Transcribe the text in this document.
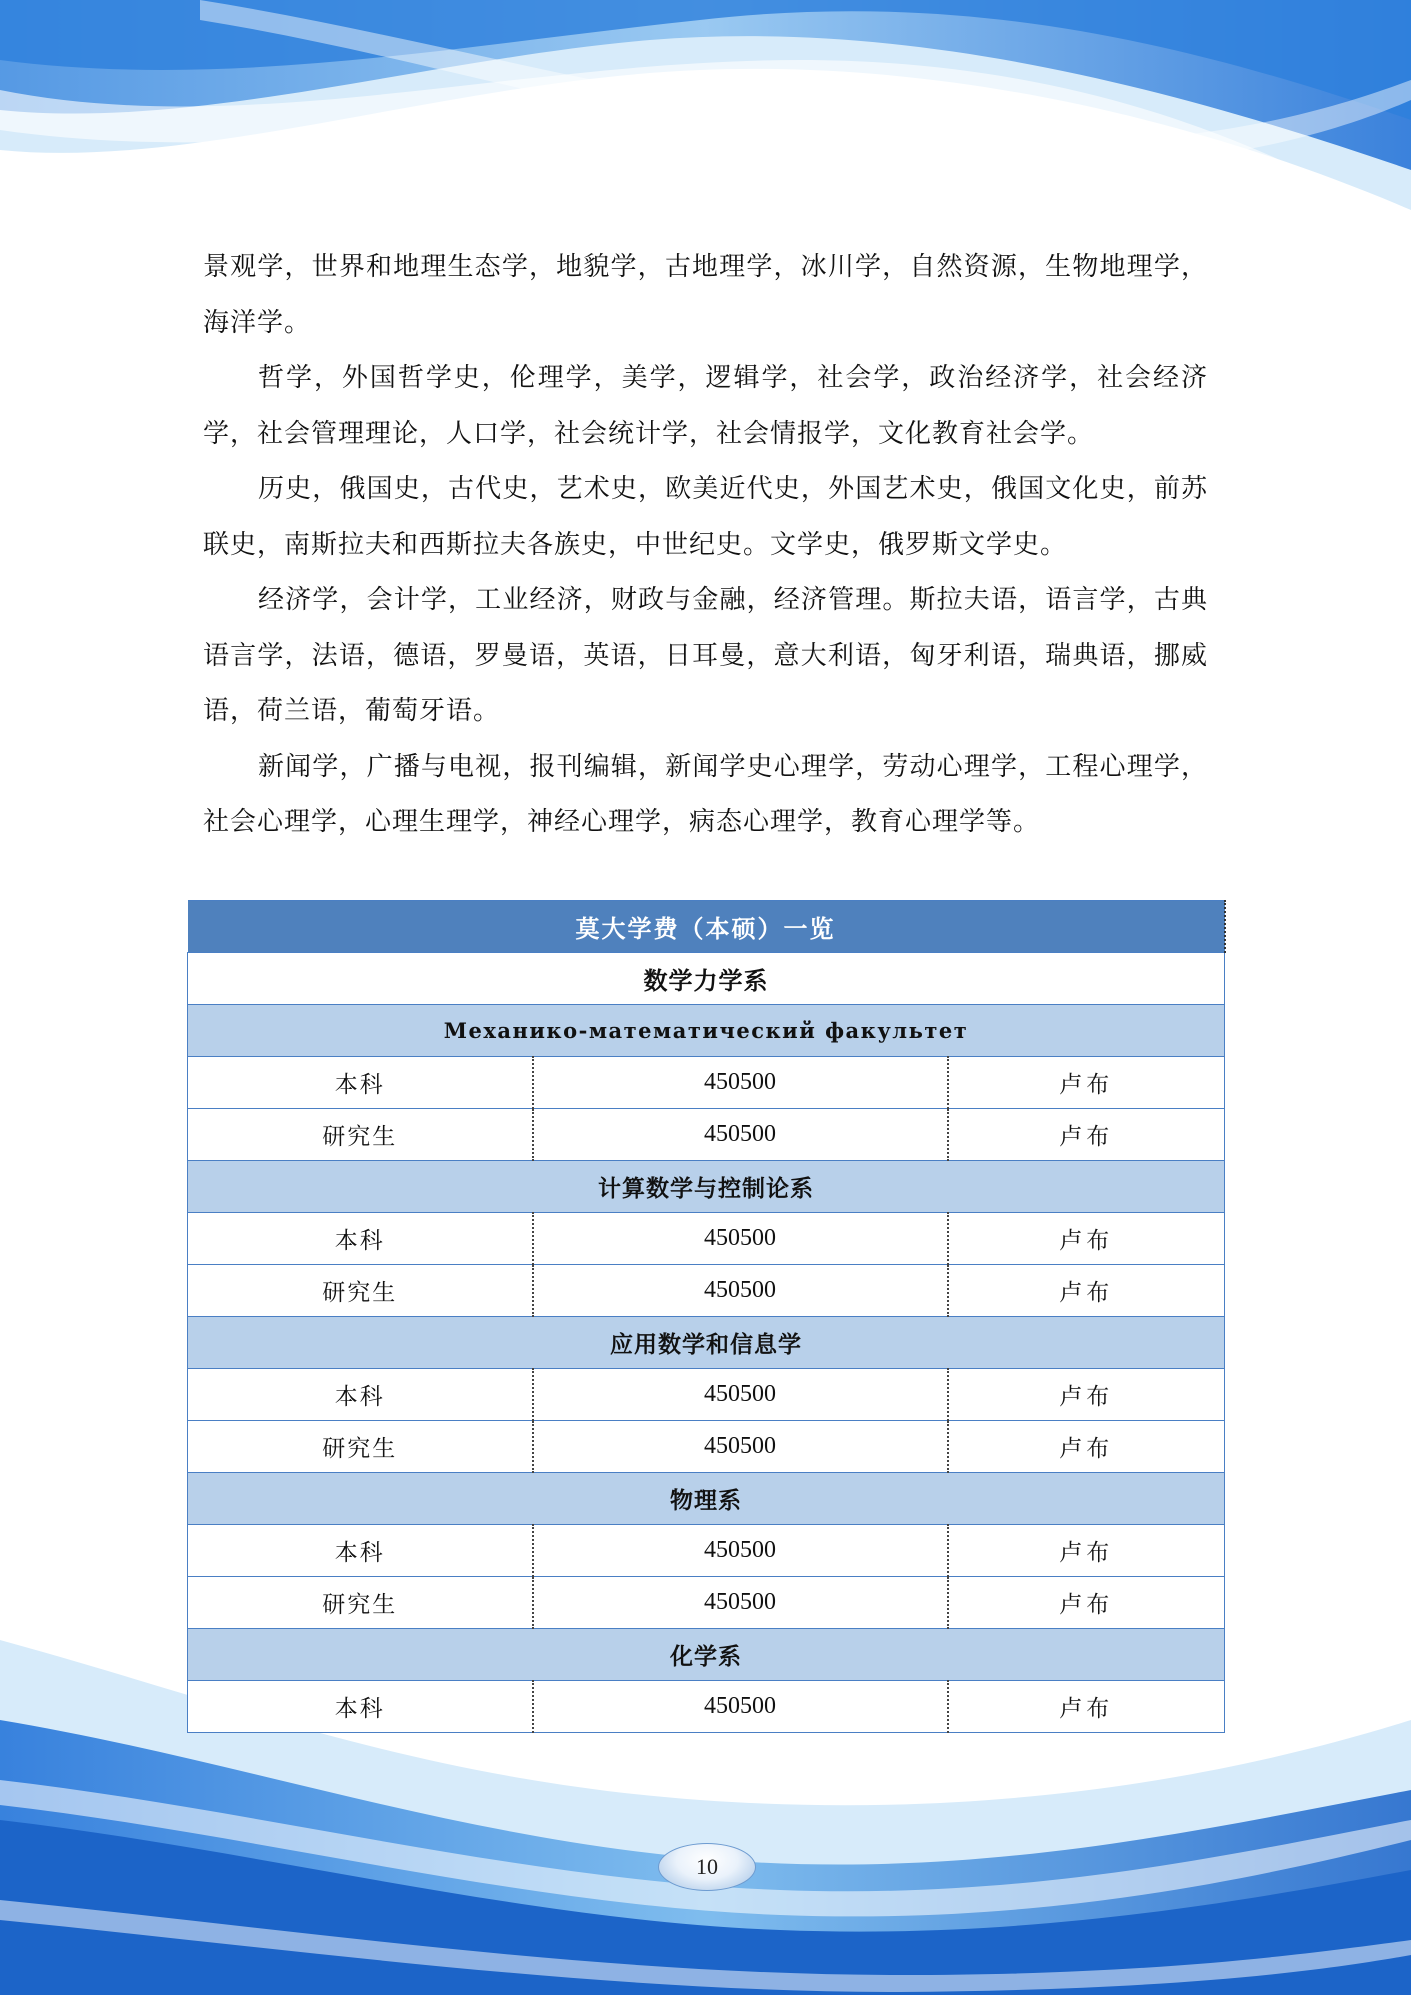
景观学，世界和地理生态学，地貌学，古地理学，冰川学，自然资源，生物地理学，海洋学。

哲学，外国哲学史，伦理学，美学，逻辑学，社会学，政治经济学，社会经济学，社会管理理论，人口学，社会统计学，社会情报学，文化教育社会学。

历史，俄国史，古代史，艺术史，欧美近代史，外国艺术史，俄国文化史，前苏联史，南斯拉夫和西斯拉夫各族史，中世纪史。文学史，俄罗斯文学史。

经济学，会计学，工业经济，财政与金融，经济管理。斯拉夫语，语言学，古典语言学，法语，德语，罗曼语，英语，日耳曼，意大利语，匈牙利语，瑞典语，挪威语，荷兰语，葡萄牙语。

新闻学，广播与电视，报刊编辑，新闻学史心理学，劳动心理学，工程心理学，社会心理学，心理生理学，神经心理学，病态心理学，教育心理学等。

莫大学费（本硕）一览		
数学力学系		
Механико-математический факультет		
本科	450500	卢布
研究生	450500	卢布
计算数学与控制论系		
本科	450500	卢布
研究生	450500	卢布
应用数学和信息学		
本科	450500	卢布
研究生	450500	卢布
物理系		
本科	450500	卢布
研究生	450500	卢布
化学系		
本科	450500	卢布
10
